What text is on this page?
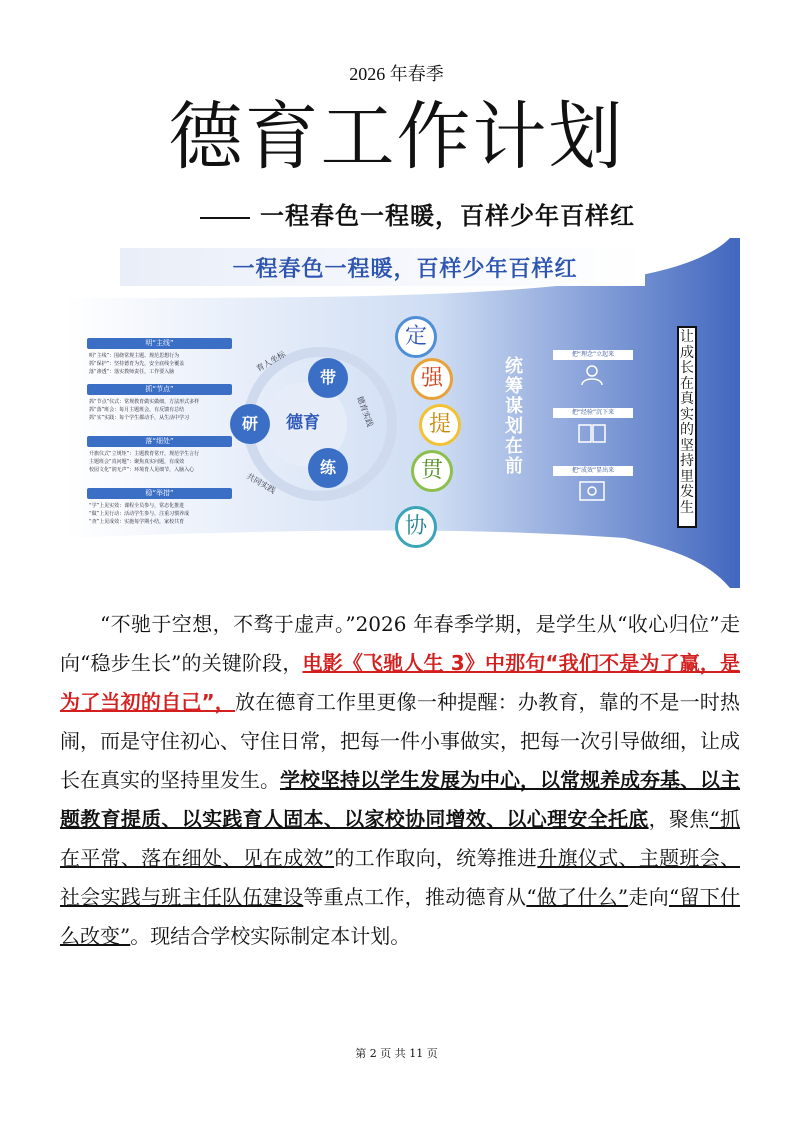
2026 年春季
德育工作计划
一程春色一程暖，百样少年百样红
一程春色一程暖，百样少年百样红
明“主线”
明“主线”：围绕常规主题、规范思想行为
抓“保护”：坚持德育为先，安全底线全覆盖
落“渗透”：落实教师责任，工作要入脑
抓“节点”
抓“节点”仪式：常规教育做实做细，方法形式多样
抓“落”班会：每月主题班会，有反馈有总结
抓“实”实践：每个学生都动手，从生活中学习
落“细处”
升旗仪式“立规矩”：主题教育常开，规范学生言行
主题班会“真问题”：聚焦真实问题，有成效
校园文化“润无声”：环境育人见细节，入脑入心
稳“举措”
“学”上见实效：课程全员参与，常态化推进
“做”上见行动：活动学生参与，注重习惯养成
“查”上见成效：实施每学期小结，家校共育
德育
带
研
练
育人坐标
德育实践
共同实践
定
强
提
贯
协
统筹谋划在前
把“理念”立起来
把“经验”沉下来
把“成效”显出来
让成长在真实的坚持里发生

“不驰于空想，不骛于虚声。”2026 年春季学期，是学生从“收心归位”走向“稳步生长”的关键阶段，电影《飞驰人生 3》中那句“我们不是为了赢，是为了当初的自己”，放在德育工作里更像一种提醒：办教育，靠的不是一时热闹，而是守住初心、守住日常，把每一件小事做实，把每一次引导做细，让成长在真实的坚持里发生。学校坚持以学生发展为中心，以常规养成夯基、以主题教育提质、以实践育人固本、以家校协同增效、以心理安全托底，聚焦“抓在平常、落在细处、见在成效”的工作取向，统筹推进升旗仪式、主题班会、社会实践与班主任队伍建设等重点工作，推动德育从“做了什么”走向“留下什么改变”。现结合学校实际制定本计划。

第 2 页 共 11 页
